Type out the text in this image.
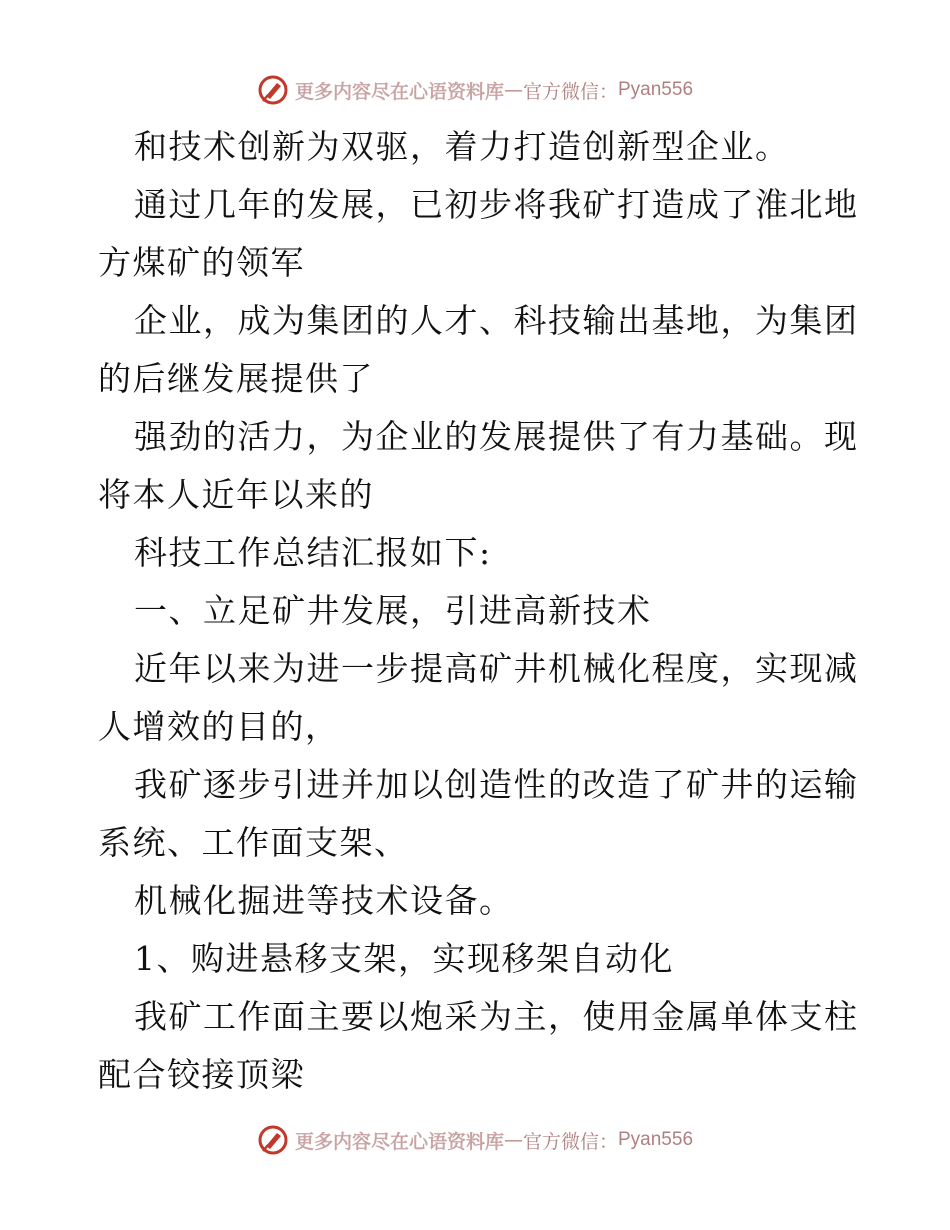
更多内容尽在心语资料库 — 官方微信： Pyan556

和技术创新为双驱，着力打造创新型企业。

通过几年的发展，已初步将我矿打造成了淮北地

方煤矿的领军

企业，成为集团的人才、科技输出基地，为集团

的后继发展提供了

强劲的活力，为企业的发展提供了有力基础。现

将本人近年以来的

科技工作总结汇报如下:

一、立足矿井发展，引进高新技术

近年以来为进一步提高矿井机械化程度，实现减

人增效的目的，

我矿逐步引进并加以创造性的改造了矿井的运输

系统、工作面支架、

机械化掘进等技术设备。

1、购进悬移支架，实现移架自动化

我矿工作面主要以炮采为主，使用金属单体支柱

配合铰接顶梁

更多内容尽在心语资料库 — 官方微信： Pyan556
